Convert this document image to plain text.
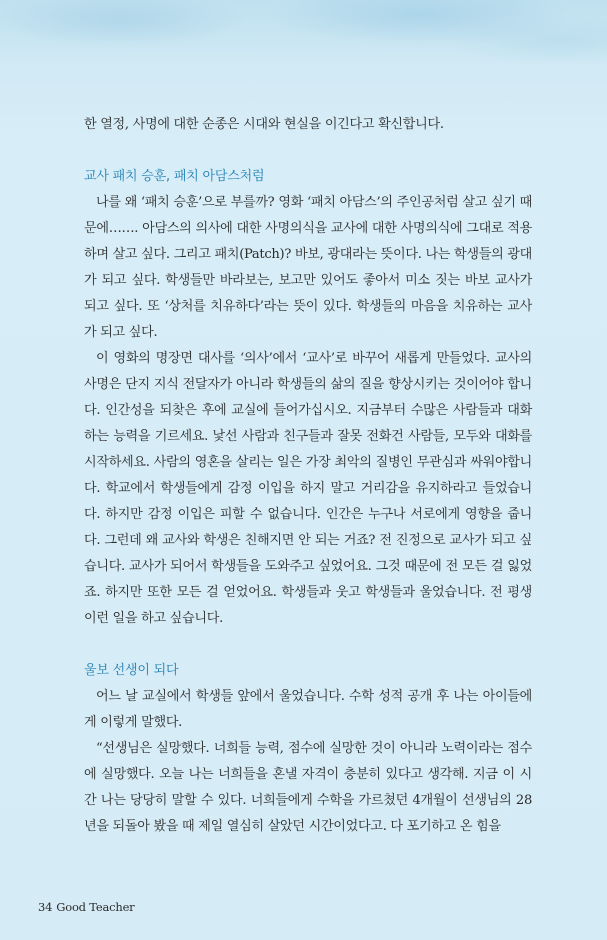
한 열정, 사명에 대한 순종은 시대와 현실을 이긴다고 확신합니다.

교사 패치 승훈, 패치 아담스처럼

나를 왜 ‘패치 승훈’으로 부를까? 영화 ‘패치 아담스’의 주인공처럼 살고 싶기 때문에……. 아담스의 의사에 대한 사명의식을 교사에 대한 사명의식에 그대로 적용하며 살고 싶다. 그리고 패치(Patch)? 바보, 광대라는 뜻이다. 나는 학생들의 광대가 되고 싶다. 학생들만 바라보는, 보고만 있어도 좋아서 미소 짓는 바보 교사가 되고 싶다. 또 ‘상처를 치유하다’라는 뜻이 있다. 학생들의 마음을 치유하는 교사가 되고 싶다.

이 영화의 명장면 대사를 ‘의사’에서 ‘교사’로 바꾸어 새롭게 만들었다. 교사의 사명은 단지 지식 전달자가 아니라 학생들의 삶의 질을 향상시키는 것이어야 합니다. 인간성을 되찾은 후에 교실에 들어가십시오. 지금부터 수많은 사람들과 대화하는 능력을 기르세요. 낯선 사람과 친구들과 잘못 전화건 사람들, 모두와 대화를 시작하세요. 사람의 영혼을 살리는 일은 가장 최악의 질병인 무관심과 싸워야합니다. 학교에서 학생들에게 감정 이입을 하지 말고 거리감을 유지하라고 들었습니다. 하지만 감정 이입은 피할 수 없습니다. 인간은 누구나 서로에게 영향을 줍니다. 그런데 왜 교사와 학생은 친해지면 안 되는 거죠? 전 진정으로 교사가 되고 싶습니다. 교사가 되어서 학생들을 도와주고 싶었어요. 그것 때문에 전 모든 걸 잃었죠. 하지만 또한 모든 걸 얻었어요. 학생들과 웃고 학생들과 울었습니다. 전 평생 이런 일을 하고 싶습니다.

울보 선생이 되다

어느 날 교실에서 학생들 앞에서 울었습니다. 수학 성적 공개 후 나는 아이들에게 이렇게 말했다.

“선생님은 실망했다. 너희들 능력, 점수에 실망한 것이 아니라 노력이라는 점수에 실망했다. 오늘 나는 너희들을 혼낼 자격이 충분히 있다고 생각해. 지금 이 시간 나는 당당히 말할 수 있다. 너희들에게 수학을 가르쳤던 4개월이 선생님의 28년을 되돌아 봤을 때 제일 열심히 살았던 시간이었다고. 다 포기하고 온 힘을

34 Good Teacher
